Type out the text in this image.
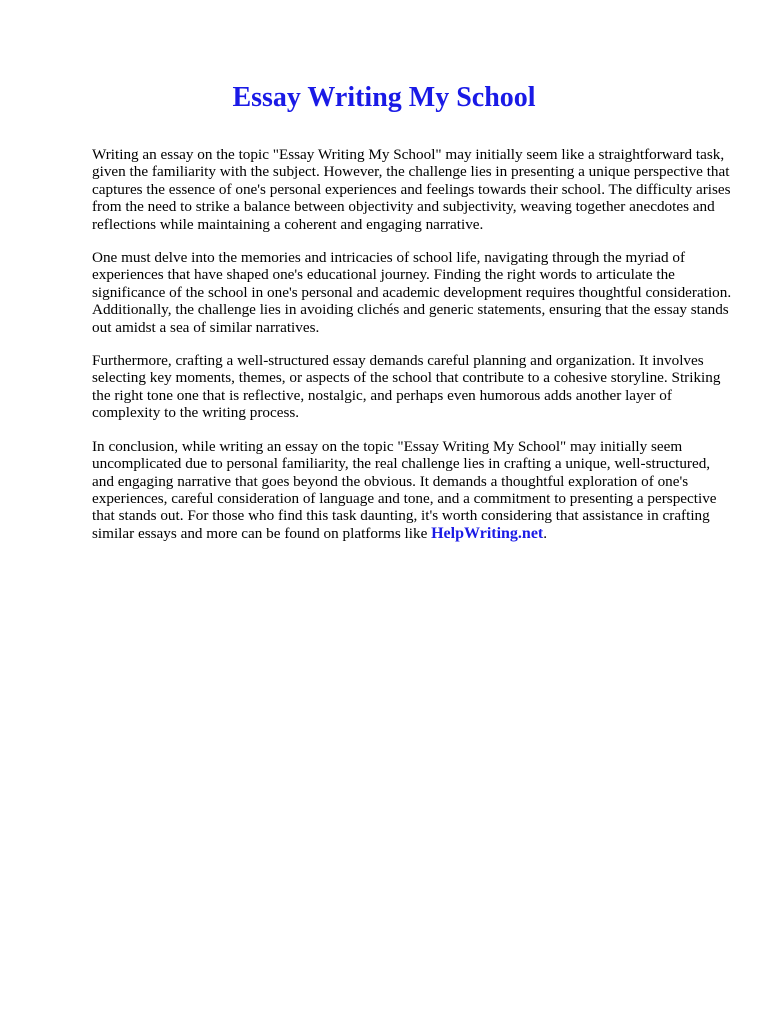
Essay Writing My School

Writing an essay on the topic "Essay Writing My School" may initially seem like a straightforward task, given the familiarity with the subject. However, the challenge lies in presenting a unique perspective that captures the essence of one's personal experiences and feelings towards their school. The difficulty arises from the need to strike a balance between objectivity and subjectivity, weaving together anecdotes and reflections while maintaining a coherent and engaging narrative.

One must delve into the memories and intricacies of school life, navigating through the myriad of experiences that have shaped one's educational journey. Finding the right words to articulate the significance of the school in one's personal and academic development requires thoughtful consideration. Additionally, the challenge lies in avoiding clichés and generic statements, ensuring that the essay stands out amidst a sea of similar narratives.

Furthermore, crafting a well-structured essay demands careful planning and organization. It involves selecting key moments, themes, or aspects of the school that contribute to a cohesive storyline. Striking the right tone one that is reflective, nostalgic, and perhaps even humorous adds another layer of complexity to the writing process.

In conclusion, while writing an essay on the topic "Essay Writing My School" may initially seem uncomplicated due to personal familiarity, the real challenge lies in crafting a unique, well-structured, and engaging narrative that goes beyond the obvious. It demands a thoughtful exploration of one's experiences, careful consideration of language and tone, and a commitment to presenting a perspective that stands out. For those who find this task daunting, it's worth considering that assistance in crafting similar essays and more can be found on platforms like HelpWriting.net.
